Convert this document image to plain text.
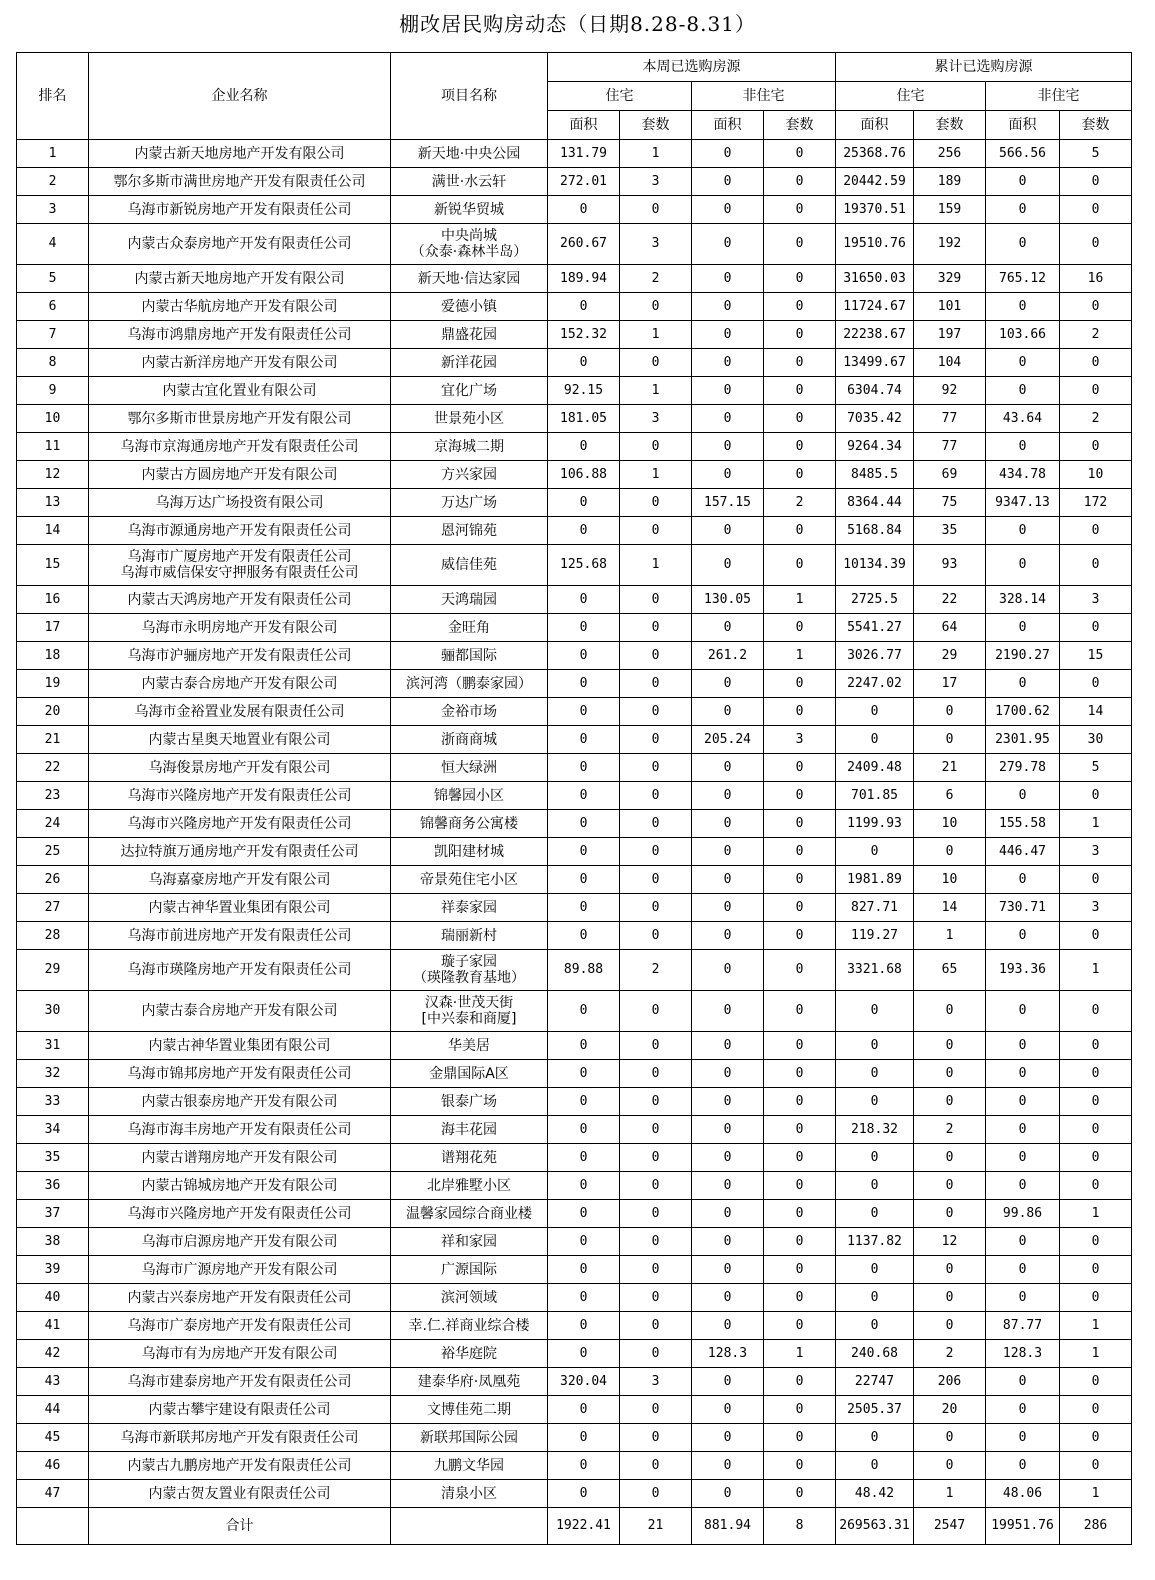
棚改居民购房动态（日期8.28-8.31）
排名	企业名称	项目名称	本周已选购房源				累计已选购房源			
			住宅		非住宅		住宅		非住宅	
			面积	套数	面积	套数	面积	套数	面积	套数
1	内蒙古新天地房地产开发有限公司	新天地·中央公园	131.79	1	0	0	25368.76	256	566.56	5
2	鄂尔多斯市满世房地产开发有限责任公司	满世·水云轩	272.01	3	0	0	20442.59	189	0	0
3	乌海市新锐房地产开发有限责任公司	新锐华贸城	0	0	0	0	19370.51	159	0	0
4	内蒙古众泰房地产开发有限责任公司	中央尚城
（众泰·森林半岛）	260.67	3	0	0	19510.76	192	0	0
5	内蒙古新天地房地产开发有限公司	新天地·信达家园	189.94	2	0	0	31650.03	329	765.12	16
6	内蒙古华航房地产开发有限公司	爱德小镇	0	0	0	0	11724.67	101	0	0
7	乌海市鸿鼎房地产开发有限责任公司	鼎盛花园	152.32	1	0	0	22238.67	197	103.66	2
8	内蒙古新洋房地产开发有限公司	新洋花园	0	0	0	0	13499.67	104	0	0
9	内蒙古宜化置业有限公司	宜化广场	92.15	1	0	0	6304.74	92	0	0
10	鄂尔多斯市世景房地产开发有限公司	世景苑小区	181.05	3	0	0	7035.42	77	43.64	2
11	乌海市京海通房地产开发有限责任公司	京海城二期	0	0	0	0	9264.34	77	0	0
12	内蒙古方圆房地产开发有限公司	方兴家园	106.88	1	0	0	8485.5	69	434.78	10
13	乌海万达广场投资有限公司	万达广场	0	0	157.15	2	8364.44	75	9347.13	172
14	乌海市源通房地产开发有限责任公司	恩河锦苑	0	0	0	0	5168.84	35	0	0
15	乌海市广厦房地产开发有限责任公司
乌海市威信保安守押服务有限责任公司	威信佳苑	125.68	1	0	0	10134.39	93	0	0
16	内蒙古天鸿房地产开发有限责任公司	天鸿瑞园	0	0	130.05	1	2725.5	22	328.14	3
17	乌海市永明房地产开发有限公司	金旺角	0	0	0	0	5541.27	64	0	0
18	乌海市沪骊房地产开发有限责任公司	骊都国际	0	0	261.2	1	3026.77	29	2190.27	15
19	内蒙古泰合房地产开发有限公司	滨河湾（鹏泰家园）	0	0	0	0	2247.02	17	0	0
20	乌海市金裕置业发展有限责任公司	金裕市场	0	0	0	0	0	0	1700.62	14
21	内蒙古星奥天地置业有限公司	浙商商城	0	0	205.24	3	0	0	2301.95	30
22	乌海俊景房地产开发有限公司	恒大绿洲	0	0	0	0	2409.48	21	279.78	5
23	乌海市兴隆房地产开发有限责任公司	锦馨园小区	0	0	0	0	701.85	6	0	0
24	乌海市兴隆房地产开发有限责任公司	锦馨商务公寓楼	0	0	0	0	1199.93	10	155.58	1
25	达拉特旗万通房地产开发有限责任公司	凯阳建材城	0	0	0	0	0	0	446.47	3
26	乌海嘉豪房地产开发有限公司	帝景苑住宅小区	0	0	0	0	1981.89	10	0	0
27	内蒙古神华置业集团有限公司	祥泰家园	0	0	0	0	827.71	14	730.71	3
28	乌海市前进房地产开发有限责任公司	瑞丽新村	0	0	0	0	119.27	1	0	0
29	乌海市瑛隆房地产开发有限责任公司	璇子家园
（瑛隆教育基地）	89.88	2	0	0	3321.68	65	193.36	1
30	内蒙古泰合房地产开发有限公司	汉森·世茂天街
[中兴泰和商厦]	0	0	0	0	0	0	0	0
31	内蒙古神华置业集团有限公司	华美居	0	0	0	0	0	0	0	0
32	乌海市锦邦房地产开发有限责任公司	金鼎国际A区	0	0	0	0	0	0	0	0
33	内蒙古银泰房地产开发有限公司	银泰广场	0	0	0	0	0	0	0	0
34	乌海市海丰房地产开发有限责任公司	海丰花园	0	0	0	0	218.32	2	0	0
35	内蒙古谱翔房地产开发有限公司	谱翔花苑	0	0	0	0	0	0	0	0
36	内蒙古锦城房地产开发有限公司	北岸雅墅小区	0	0	0	0	0	0	0	0
37	乌海市兴隆房地产开发有限责任公司	温馨家园综合商业楼	0	0	0	0	0	0	99.86	1
38	乌海市启源房地产开发有限公司	祥和家园	0	0	0	0	1137.82	12	0	0
39	乌海市广源房地产开发有限公司	广源国际	0	0	0	0	0	0	0	0
40	内蒙古兴泰房地产开发有限责任公司	滨河领域	0	0	0	0	0	0	0	0
41	乌海市广泰房地产开发有限责任公司	幸.仁.祥商业综合楼	0	0	0	0	0	0	87.77	1
42	乌海市有为房地产开发有限公司	裕华庭院	0	0	128.3	1	240.68	2	128.3	1
43	乌海市建泰房地产开发有限责任公司	建泰华府·凤凰苑	320.04	3	0	0	22747	206	0	0
44	内蒙古攀宇建设有限责任公司	文博佳苑二期	0	0	0	0	2505.37	20	0	0
45	乌海市新联邦房地产开发有限责任公司	新联邦国际公园	0	0	0	0	0	0	0	0
46	内蒙古九鹏房地产开发有限责任公司	九鹏文华园	0	0	0	0	0	0	0	0
47	内蒙古贺友置业有限责任公司	清泉小区	0	0	0	0	48.42	1	48.06	1
	合计		1922.41	21	881.94	8	269563.31	2547	19951.76	286
